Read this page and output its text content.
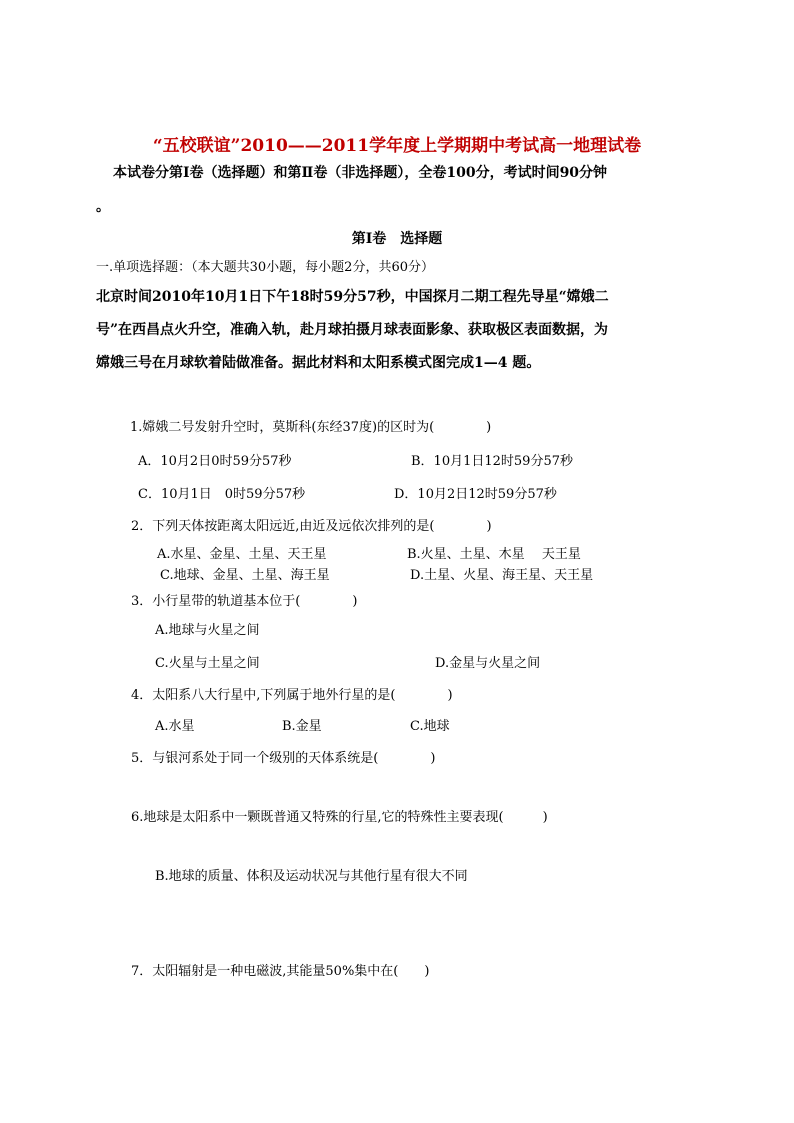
“五校联谊”2010——2011学年度上学期期中考试高一地理试卷
本试卷分第Ⅰ卷（选择题）和第Ⅱ卷（非选择题），全卷100分，考试时间90分钟
。
第Ⅰ卷　选择题
一.单项选择题：（本大题共30小题，每小题2分，共60分）
北京时间2010年10月1日下午18时59分57秒，中国探月二期工程先导星“嫦娥二
号”在西昌点火升空，准确入轨，赴月球拍摄月球表面影象、获取极区表面数据，为
嫦娥三号在月球软着陆做准备。据此材料和太阳系模式图完成1—4 题。
1.嫦娥二号发射升空时，莫斯科(东经37度)的区时为(　　　　)
A．10月2日0时59分57秒	B．10月1日12时59分57秒
C．10月1日　0时59分57秒	D．10月2日12时59分57秒
2．下列天体按距离太阳远近,由近及远依次排列的是(　　　　)
A.水星、金星、土星、天王星	B.火星、土星、木星　 天王星
C.地球、金星、土星、海王星	D.土星、火星、海王星、天王星
3．小行星带的轨道基本位于(　　　　)
A.地球与火星之间
C.火星与土星之间	D.金星与火星之间
4．太阳系八大行星中,下列属于地外行星的是(　　　　)
A.水星	B.金星	C.地球
5．与银河系处于同一个级别的天体系统是(　　　　)
6.地球是太阳系中一颗既普通又特殊的行星,它的特殊性主要表现(　　　)
B.地球的质量、体积及运动状况与其他行星有很大不同
7．太阳辐射是一种电磁波,其能量50%集中在(　　)
